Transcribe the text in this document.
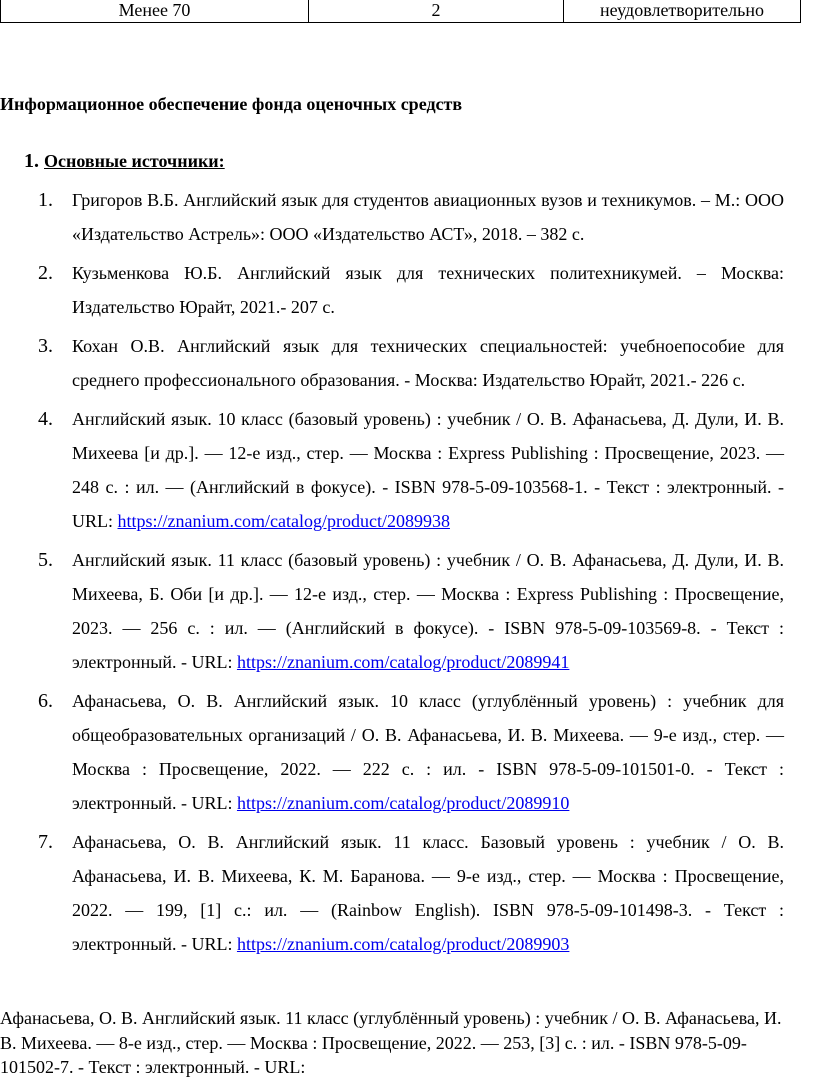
Менее 70	2	неудовлетворительно
Информационное обеспечение фонда оценочных средств
1. Основные источники:
1. Григоров В.Б. Английский язык для студентов авиационных вузов и техникумов. – М.: ООО «Издательство Астрель»: ООО «Издательство АСТ», 2018. – 382 с.
2. Кузьменкова Ю.Б. Английский язык для технических политехникумей. – Москва: Издательство Юрайт, 2021.- 207 с.
3. Кохан О.В. Английский язык для технических специальностей: учебноепособие для среднего профессионального образования. - Москва: Издательство Юрайт, 2021.- 226 с.
4. Английский язык. 10 класс (базовый уровень) : учебник / О. В. Афанасьева, Д. Дули, И. В. Михеева [и др.]. — 12-е изд., стер. — Москва : Express Publishing : Просвещение, 2023. — 248 с. : ил. — (Английский в фокусе). - ISBN 978-5-09-103568-1. - Текст : электронный. - URL: https://znanium.com/catalog/product/2089938
5. Английский язык. 11 класс (базовый уровень) : учебник / О. В. Афанасьева, Д. Дули, И. В. Михеева, Б. Оби [и др.]. — 12-е изд., стер. — Москва : Express Publishing : Просвещение, 2023. — 256 с. : ил. — (Английский в фокусе). - ISBN 978-5-09-103569-8. - Текст : электронный. - URL: https://znanium.com/catalog/product/2089941
6. Афанасьева, О. В. Английский язык. 10 класс (углублённый уровень) : учебник для общеобразовательных организаций / О. В. Афанасьева, И. В. Михеева. — 9-е изд., стер. — Москва : Просвещение, 2022. — 222 с. : ил. - ISBN 978-5-09-101501-0. - Текст : электронный. - URL: https://znanium.com/catalog/product/2089910
7. Афанасьева, О. В. Английский язык. 11 класс. Базовый уровень : учебник / О. В. Афанасьева, И. В. Михеева, К. М. Баранова. — 9-е изд., стер. — Москва : Просвещение, 2022. — 199, [1] с.: ил. — (Rainbow English). ISBN 978-5-09-101498-3. - Текст : электронный. - URL: https://znanium.com/catalog/product/2089903
Афанасьева, О. В. Английский язык. 11 класс (углублённый уровень) : учебник / О. В. Афанасьева, И. В. Михеева. — 8-е изд., стер. — Москва : Просвещение, 2022. — 253, [3] с. : ил. - ISBN 978-5-09-101502-7. - Текст : электронный. - URL:
